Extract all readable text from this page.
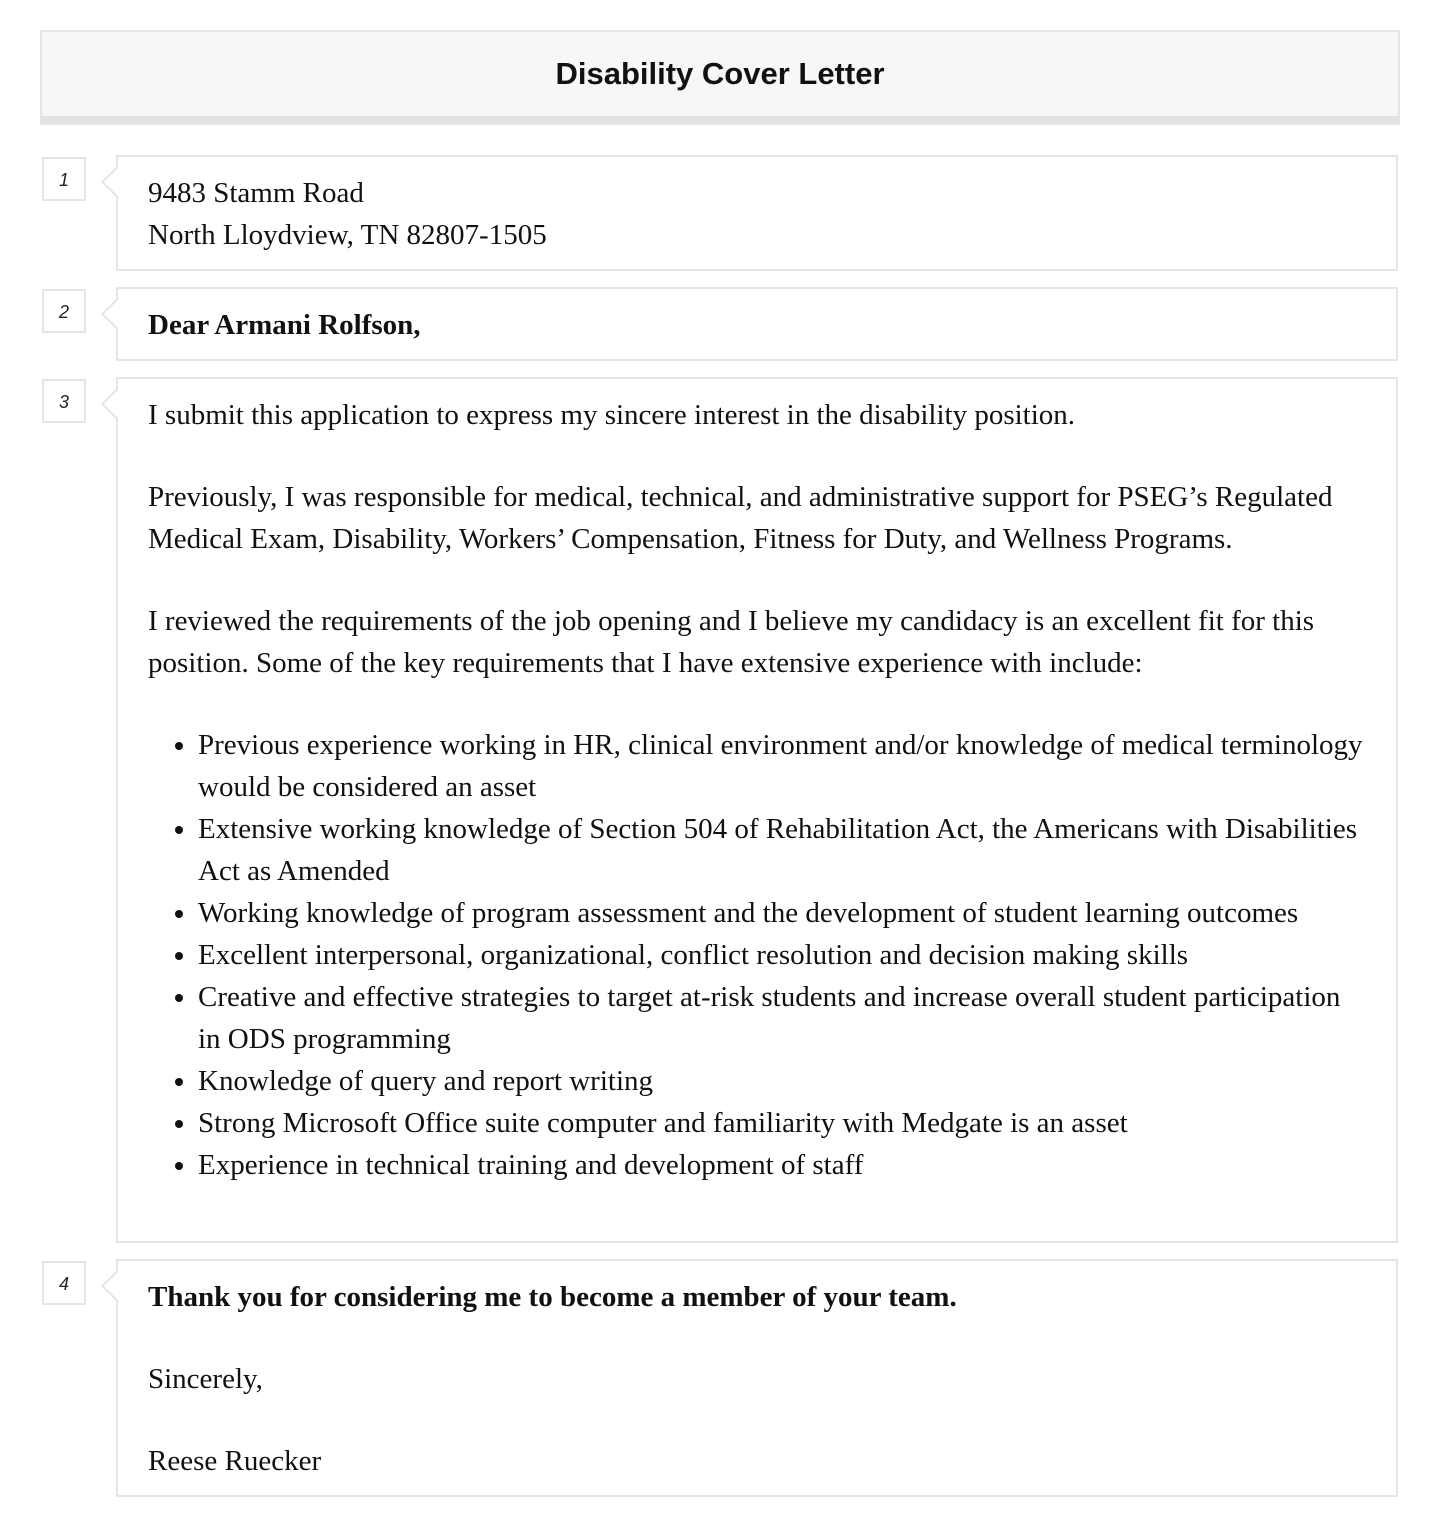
Disability Cover Letter
1	9483 Stamm Road
North Lloydview, TN 82807-1505
2	Dear Armani Rolfson,
3	I submit this application to express my sincere interest in the disability position.

Previously, I was responsible for medical, technical, and administrative support for PSEG’s Regulated Medical Exam, Disability, Workers’ Compensation, Fitness for Duty, and Wellness Programs.

I reviewed the requirements of the job opening and I believe my candidacy is an excellent fit for this position. Some of the key requirements that I have extensive experience with include:

• Previous experience working in HR, clinical environment and/or knowledge of medical terminology would be considered an asset
• Extensive working knowledge of Section 504 of Rehabilitation Act, the Americans with Disabilities Act as Amended
• Working knowledge of program assessment and the development of student learning outcomes
• Excellent interpersonal, organizational, conflict resolution and decision making skills
• Creative and effective strategies to target at-risk students and increase overall student participation in ODS programming
• Knowledge of query and report writing
• Strong Microsoft Office suite computer and familiarity with Medgate is an asset
• Experience in technical training and development of staff
4	Thank you for considering me to become a member of your team.

Sincerely,

Reese Ruecker
